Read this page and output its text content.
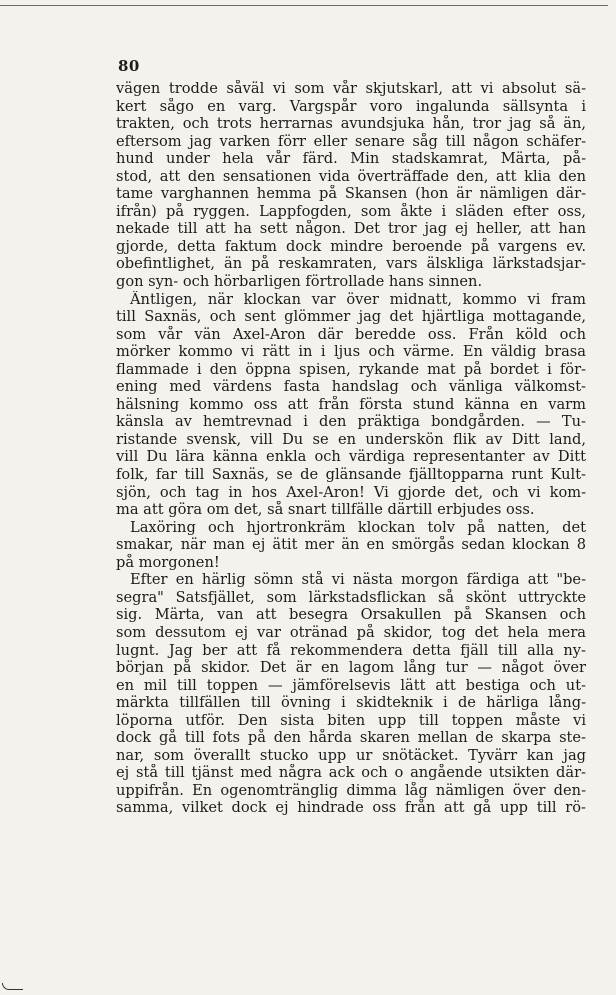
80
vägen trodde såväl vi som vår skjutskarl, att vi absolut sä-
kert sågo en varg. Vargspår voro ingalunda sällsynta i
trakten, och trots herrarnas avundsjuka hån, tror jag så än,
eftersom jag varken förr eller senare såg till någon schäfer-
hund under hela vår färd. Min stadskamrat, Märta, på-
stod, att den sensationen vida överträffade den, att klia den
tame varghannen hemma på Skansen (hon är nämligen där-
ifrån) på ryggen. Lappfogden, som åkte i släden efter oss,
nekade till att ha sett någon. Det tror jag ej heller, att han
gjorde, detta faktum dock mindre beroende på vargens ev.
obefintlighet, än på reskamraten, vars älskliga lärkstadsjar-
gon syn- och hörbarligen förtrollade hans sinnen.
Äntligen, när klockan var över midnatt, kommo vi fram
till Saxnäs, och sent glömmer jag det hjärtliga mottagande,
som vår vän Axel-Aron där beredde oss. Från köld och
mörker kommo vi rätt in i ljus och värme. En väldig brasa
flammade i den öppna spisen, rykande mat på bordet i för-
ening med värdens fasta handslag och vänliga välkomst-
hälsning kommo oss att från första stund känna en varm
känsla av hemtrevnad i den präktiga bondgården. — Tu-
ristande svensk, vill Du se en underskön flik av Ditt land,
vill Du lära känna enkla och värdiga representanter av Ditt
folk, far till Saxnäs, se de glänsande fjälltopparna runt Kult-
sjön, och tag in hos Axel-Aron! Vi gjorde det, och vi kom-
ma att göra om det, så snart tillfälle därtill erbjudes oss.
Laxöring och hjortronkräm klockan tolv på natten, det
smakar, när man ej ätit mer än en smörgås sedan klockan 8
på morgonen!
Efter en härlig sömn stå vi nästa morgon färdiga att "be-
segra" Satsfjället, som lärkstadsflickan så skönt uttryckte
sig. Märta, van att besegra Orsakullen på Skansen och
som dessutom ej var otränad på skidor, tog det hela mera
lugnt. Jag ber att få rekommendera detta fjäll till alla ny-
början på skidor. Det är en lagom lång tur — något över
en mil till toppen — jämförelsevis lätt att bestiga och ut-
märkta tillfällen till övning i skidteknik i de härliga lång-
löporna utför. Den sista biten upp till toppen måste vi
dock gå till fots på den hårda skaren mellan de skarpa ste-
nar, som överallt stucko upp ur snötäcket. Tyvärr kan jag
ej stå till tjänst med några ack och o angående utsikten där-
uppifrån. En ogenomtränglig dimma låg nämligen över den-
samma, vilket dock ej hindrade oss från att gå upp till rö-
